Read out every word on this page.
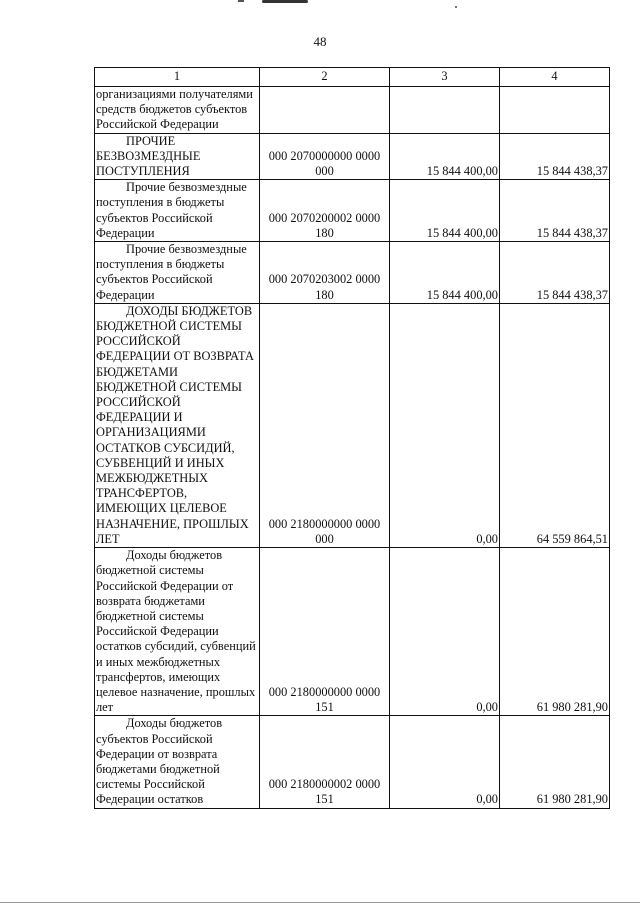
48
1	2	3	4

организациями получателями средств бюджетов субъектов Российской Федерации			

ПРОЧИЕ БЕЗВОЗМЕЗДНЫЕ ПОСТУПЛЕНИЯ	000 2070000000 0000 000	15 844 400,00	15 844 438,37

Прочие безвозмездные поступления в бюджеты субъектов Российской Федерации	000 2070200002 0000 180	15 844 400,00	15 844 438,37

Прочие безвозмездные поступления в бюджеты субъектов Российской Федерации	000 2070203002 0000 180	15 844 400,00	15 844 438,37

ДОХОДЫ БЮДЖЕТОВ БЮДЖЕТНОЙ СИСТЕМЫ РОССИЙСКОЙ ФЕДЕРАЦИИ ОТ ВОЗВРАТА БЮДЖЕТАМИ БЮДЖЕТНОЙ СИСТЕМЫ РОССИЙСКОЙ ФЕДЕРАЦИИ И ОРГАНИЗАЦИЯМИ ОСТАТКОВ СУБСИДИЙ, СУБВЕНЦИЙ И ИНЫХ МЕЖБЮДЖЕТНЫХ ТРАНСФЕРТОВ, ИМЕЮЩИХ ЦЕЛЕВОЕ НАЗНАЧЕНИЕ, ПРОШЛЫХ ЛЕТ	000 2180000000 0000 000	0,00	64 559 864,51

Доходы бюджетов бюджетной системы Российской Федерации от возврата бюджетами бюджетной системы Российской Федерации остатков субсидий, субвенций и иных межбюджетных трансфертов, имеющих целевое назначение, прошлых лет	000 2180000000 0000 151	0,00	61 980 281,90

Доходы бюджетов субъектов Российской Федерации от возврата бюджетами бюджетной системы Российской Федерации остатков	000 2180000002 0000 151	0,00	61 980 281,90
